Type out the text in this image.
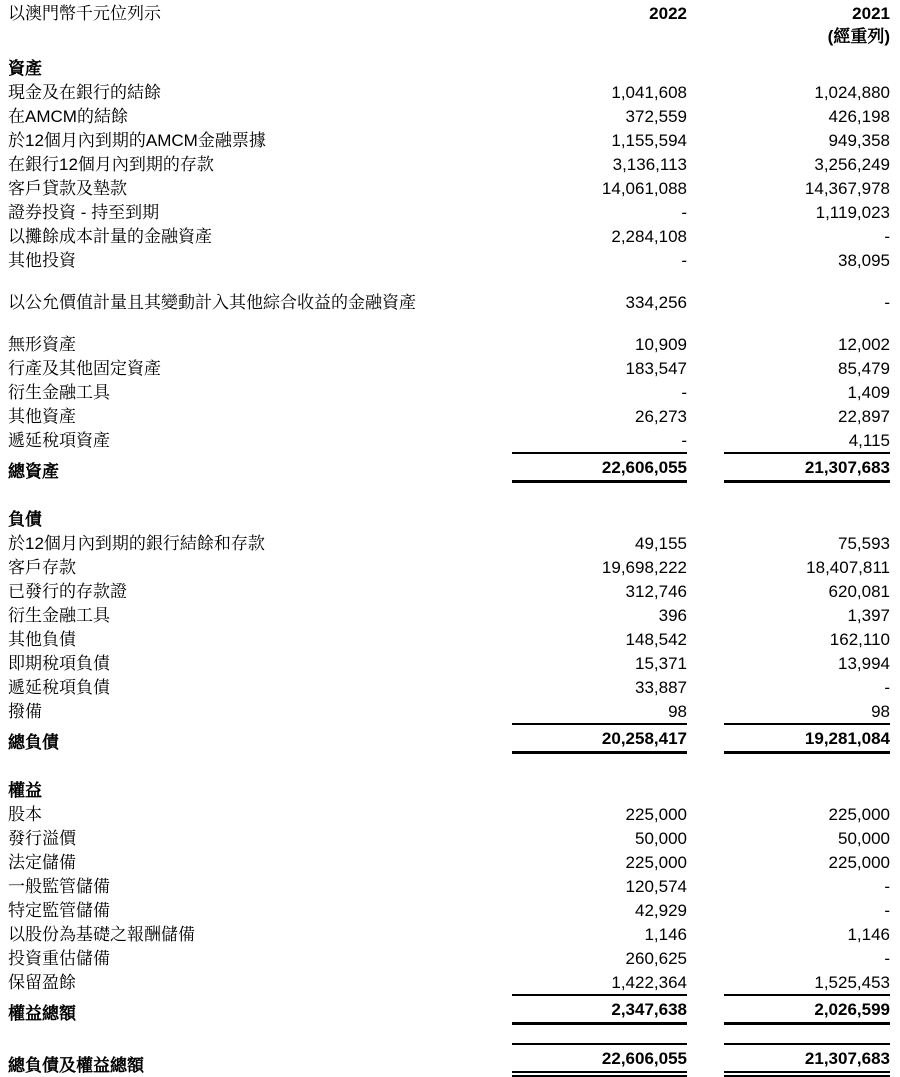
以澳門幣千元位列示	2022	2021
(經重列)
資產
現金及在銀行的結餘	1,041,608	1,024,880
在AMCM的結餘	372,559	426,198
於12個月內到期的AMCM金融票據	1,155,594	949,358
在銀行12個月內到期的存款	3,136,113	3,256,249
客戶貸款及墊款	14,061,088	14,367,978
證券投資 - 持至到期	-	1,119,023
以攤餘成本計量的金融資產	2,284,108	-
其他投資	-	38,095
以公允價值計量且其變動計入其他綜合收益的金融資產	334,256	-
無形資產	10,909	12,002
行產及其他固定資產	183,547	85,479
衍生金融工具	-	1,409
其他資產	26,273	22,897
遞延稅項資產	-	4,115
總資產	22,606,055	21,307,683
負債
於12個月內到期的銀行結餘和存款	49,155	75,593
客戶存款	19,698,222	18,407,811
已發行的存款證	312,746	620,081
衍生金融工具	396	1,397
其他負債	148,542	162,110
即期稅項負債	15,371	13,994
遞延稅項負債	33,887	-
撥備	98	98
總負債	20,258,417	19,281,084
權益
股本	225,000	225,000
發行溢價	50,000	50,000
法定儲備	225,000	225,000
一般監管儲備	120,574	-
特定監管儲備	42,929	-
以股份為基礎之報酬儲備	1,146	1,146
投資重估儲備	260,625	-
保留盈餘	1,422,364	1,525,453
權益總額	2,347,638	2,026,599
總負債及權益總額	22,606,055	21,307,683
